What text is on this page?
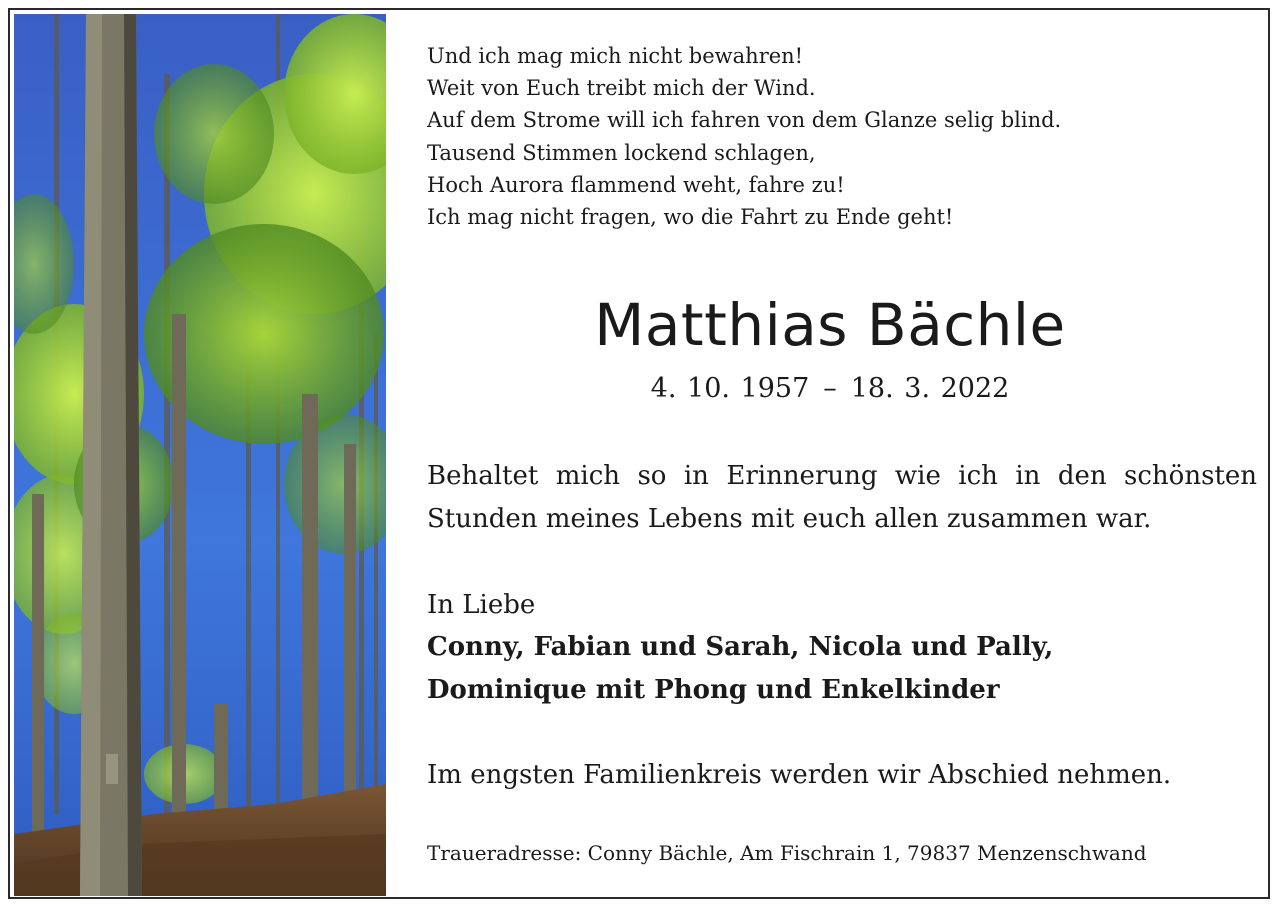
Und ich mag mich nicht bewahren!
Weit von Euch treibt mich der Wind.
Auf dem Strome will ich fahren von dem Glanze selig blind.
Tausend Stimmen lockend schlagen,
Hoch Aurora flammend weht, fahre zu!
Ich mag nicht fragen, wo die Fahrt zu Ende geht!

Matthias Bächle
4. 10. 1957 – 18. 3. 2022
Behaltet mich so in Erinnerung wie ich in den schönsten
Stunden meines Lebens mit euch allen zusammen war.
In Liebe
Conny, Fabian und Sarah, Nicola und Pally,
Dominique mit Phong und Enkelkinder
Im engsten Familienkreis werden wir Abschied nehmen.
Traueradresse: Conny Bächle, Am Fischrain 1, 79837 Menzenschwand
